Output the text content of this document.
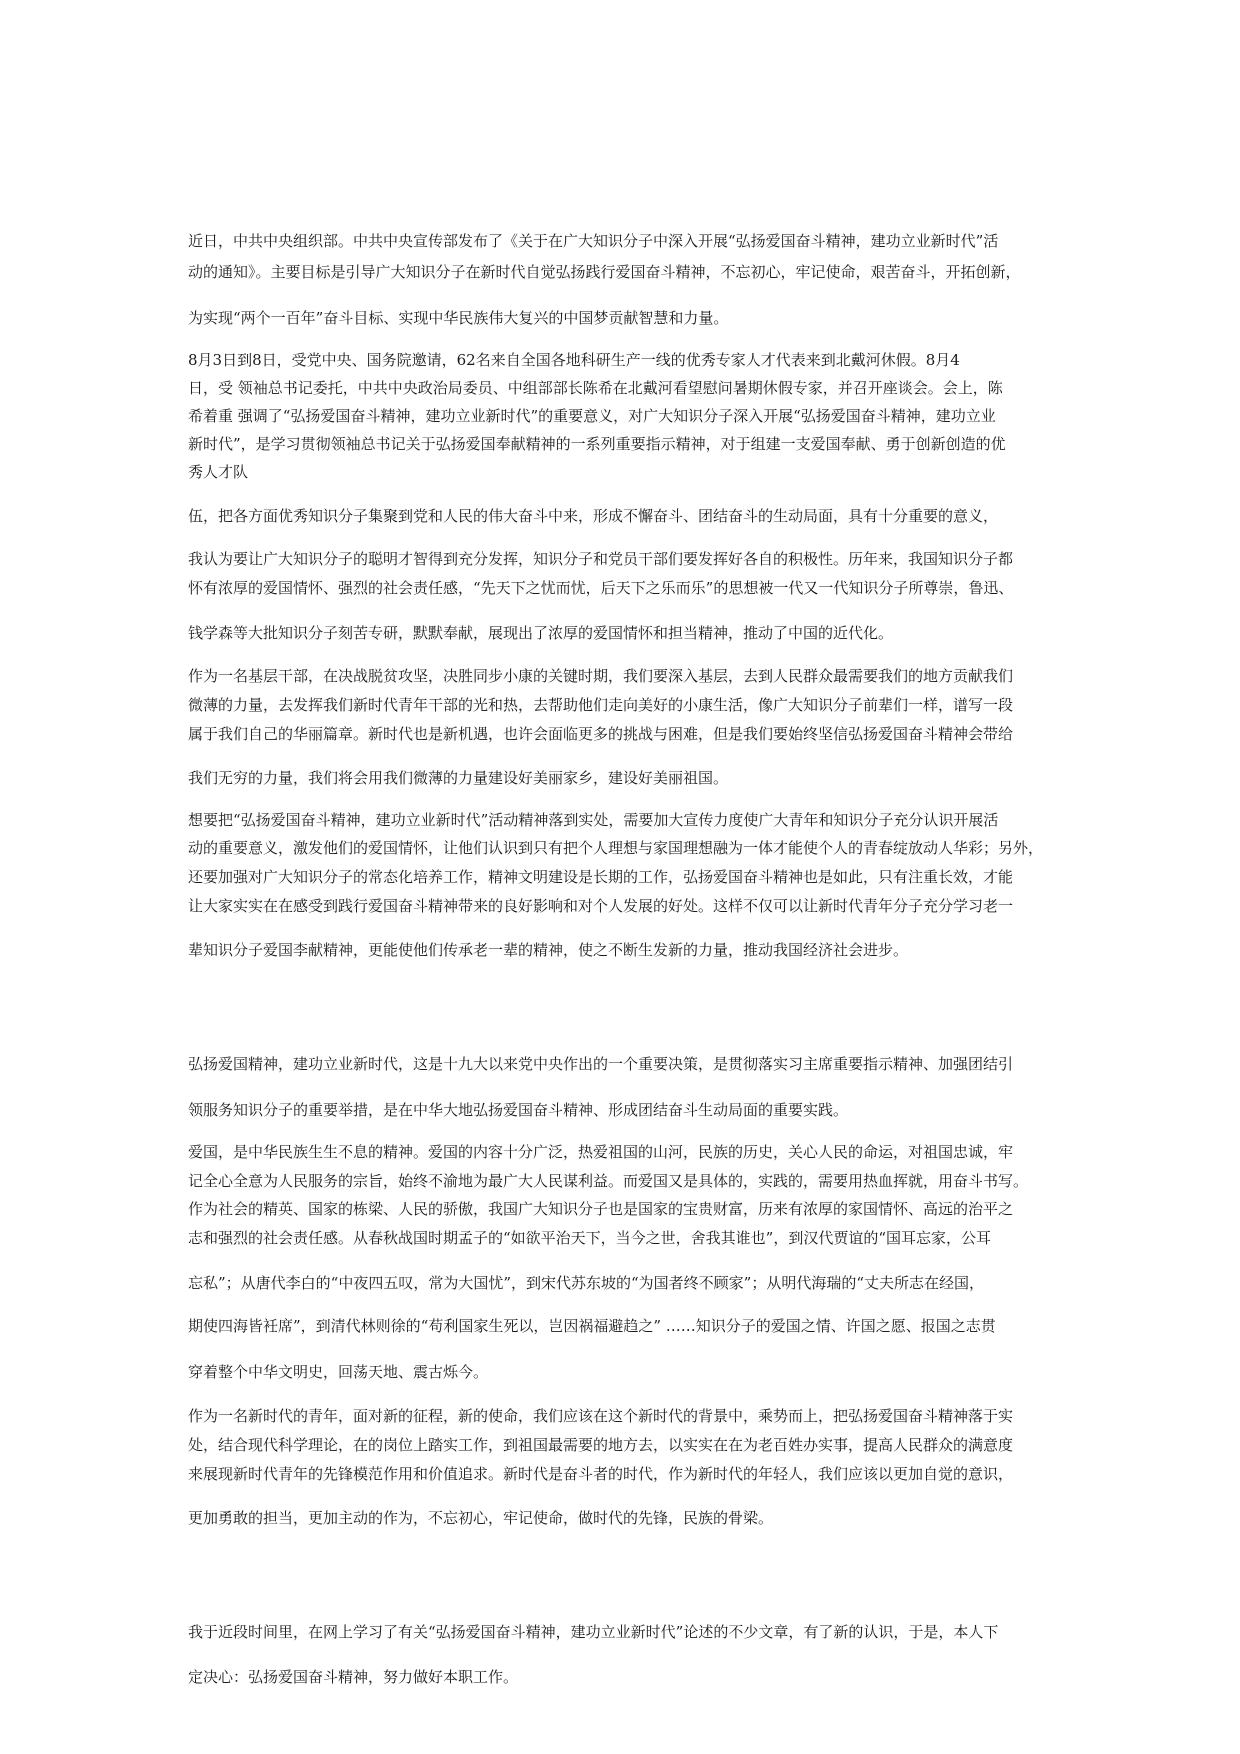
近日，中共中央组织部。中共中央宣传部发布了《关于在广大知识分子中深入开展“弘扬爱国奋斗精神，建功立业新时代”活
动的通知》。主要目标是引导广大知识分子在新时代自觉弘扬践行爱国奋斗精神，不忘初心，牢记使命，艰苦奋斗，开拓创新，
为实现“两个一百年”奋斗目标、实现中华民族伟大复兴的中国梦贡献智慧和力量。
8月3日到8日，受党中央、国务院邀请，62名来自全国各地科研生产一线的优秀专家人才代表来到北戴河休假。8月4
日，受 领袖总书记委托，中共中央政治局委员、中组部部长陈希在北戴河看望慰问暑期休假专家，并召开座谈会。会上，陈
希着重 强调了“弘扬爱国奋斗精神，建功立业新时代”的重要意义，对广大知识分子深入开展“弘扬爱国奋斗精神，建功立业
新时代”，是学习贯彻领袖总书记关于弘扬爱国奉献精神的一系列重要指示精神，对于组建一支爱国奉献、勇于创新创造的优
秀人才队
伍，把各方面优秀知识分子集聚到党和人民的伟大奋斗中来，形成不懈奋斗、团结奋斗的生动局面，具有十分重要的意义，
我认为要让广大知识分子的聪明才智得到充分发挥，知识分子和党员干部们要发挥好各自的积极性。历年来，我国知识分子都
怀有浓厚的爱国情怀、强烈的社会责任感，“先天下之忧而忧，后天下之乐而乐”的思想被一代又一代知识分子所尊崇，鲁迅、
钱学森等大批知识分子刻苦专研，默默奉献，展现出了浓厚的爱国情怀和担当精神，推动了中国的近代化。
作为一名基层干部，在决战脱贫攻坚，决胜同步小康的关键时期，我们要深入基层，去到人民群众最需要我们的地方贡献我们
微薄的力量，去发挥我们新时代青年干部的光和热，去帮助他们走向美好的小康生活，像广大知识分子前辈们一样，谱写一段
属于我们自己的华丽篇章。新时代也是新机遇，也许会面临更多的挑战与困难，但是我们要始终坚信弘扬爱国奋斗精神会带给
我们无穷的力量，我们将会用我们微薄的力量建设好美丽家乡，建设好美丽祖国。
想要把“弘扬爱国奋斗精神，建功立业新时代”活动精神落到实处，需要加大宣传力度使广大青年和知识分子充分认识开展活
动的重要意义，激发他们的爱国情怀，让他们认识到只有把个人理想与家国理想融为一体才能使个人的青春绽放动人华彩；另外，
还要加强对广大知识分子的常态化培养工作，精神文明建设是长期的工作，弘扬爱国奋斗精神也是如此，只有注重长效，才能
让大家实实在在感受到践行爱国奋斗精神带来的良好影响和对个人发展的好处。这样不仅可以让新时代青年分子充分学习老一
辈知识分子爱国李献精神，更能使他们传承老一辈的精神，使之不断生发新的力量，推动我国经济社会进步。
弘扬爱国精神，建功立业新时代，这是十九大以来党中央作出的一个重要决策，是贯彻落实习主席重要指示精神、加强团结引
领服务知识分子的重要举措，是在中华大地弘扬爱国奋斗精神、形成团结奋斗生动局面的重要实践。
爱国，是中华民族生生不息的精神。爱国的内容十分广泛，热爱祖国的山河，民族的历史，关心人民的命运，对祖国忠诚，牢
记全心全意为人民服务的宗旨，始终不渝地为最广大人民谋利益。而爱国又是具体的，实践的，需要用热血挥就，用奋斗书写。
作为社会的精英、国家的栋梁、人民的骄傲，我国广大知识分子也是国家的宝贵财富，历来有浓厚的家国情怀、高远的治平之
志和强烈的社会责任感。从春秋战国时期孟子的“如欲平治天下，当今之世，舍我其谁也”，到汉代贾谊的“国耳忘家，公耳
忘私”；从唐代李白的“中夜四五叹，常为大国忧”，到宋代苏东坡的“为国者终不顾家”；从明代海瑞的“丈夫所志在经国，
期使四海皆衽席”，到清代林则徐的“苟利国家生死以，岂因祸福避趋之” ……知识分子的爱国之情、许国之愿、报国之志贯
穿着整个中华文明史，回荡天地、震古烁今。
作为一名新时代的青年，面对新的征程，新的使命，我们应该在这个新时代的背景中，乘势而上，把弘扬爱国奋斗精神落于实
处，结合现代科学理论，在的岗位上踏实工作，到祖国最需要的地方去，以实实在在为老百姓办实事，提高人民群众的满意度
来展现新时代青年的先锋模范作用和价值追求。新时代是奋斗者的时代，作为新时代的年轻人，我们应该以更加自觉的意识，
更加勇敢的担当，更加主动的作为，不忘初心，牢记使命，做时代的先锋，民族的骨梁。
我于近段时间里，在网上学习了有关“弘扬爱国奋斗精神，建功立业新时代”论述的不少文章，有了新的认识，于是，本人下
定决心：弘扬爱国奋斗精神，努力做好本职工作。
